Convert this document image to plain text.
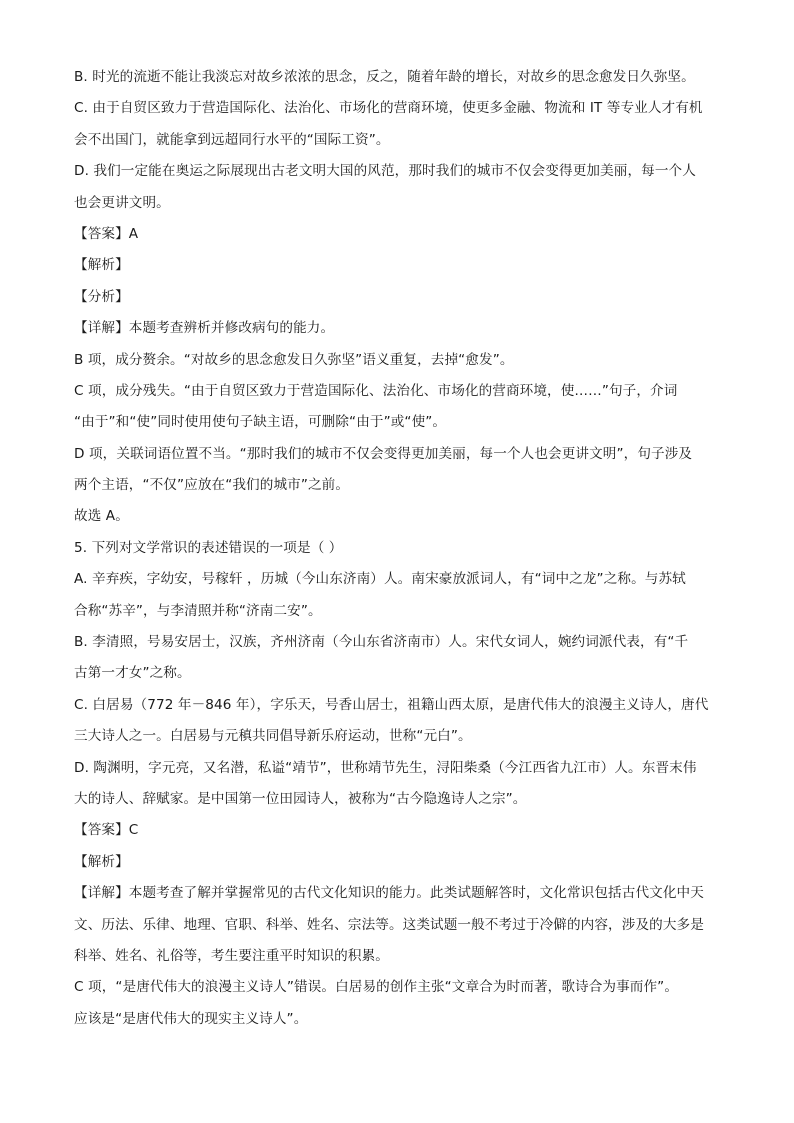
B. 时光的流逝不能让我淡忘对故乡浓浓的思念，反之，随着年龄的增长，对故乡的思念愈发日久弥坚。
C. 由于自贸区致力于营造国际化、法治化、市场化的营商环境，使更多金融、物流和 IT 等专业人才有机
会不出国门，就能拿到远超同行水平的“国际工资”。
D. 我们一定能在奥运之际展现出古老文明大国的风范，那时我们的城市不仅会变得更加美丽，每一个人
也会更讲文明。
【答案】A
【解析】
【分析】
【详解】本题考查辨析并修改病句的能力。
B 项，成分赘余。“对故乡的思念愈发日久弥坚”语义重复，去掉“愈发”。
C 项，成分残失。“由于自贸区致力于营造国际化、法治化、市场化的营商环境，使……”句子，介词
“由于”和“使”同时使用使句子缺主语，可删除“由于”或“使”。
D 项，关联词语位置不当。“那时我们的城市不仅会变得更加美丽，每一个人也会更讲文明”，句子涉及
两个主语，“不仅”应放在“我们的城市”之前。
故选 A。
5. 下列对文学常识的表述错误的一项是（ ）
A. 辛弃疾，字幼安，号稼轩 ，历城（今山东济南）人。南宋豪放派词人，有“词中之龙”之称。与苏轼
合称“苏辛”，与李清照并称“济南二安”。
B. 李清照，号易安居士，汉族，齐州济南（今山东省济南市）人。宋代女词人，婉约词派代表，有“千
古第一才女”之称。
C. 白居易（772 年－846 年），字乐天，号香山居士，祖籍山西太原，是唐代伟大的浪漫主义诗人，唐代
三大诗人之一。白居易与元稹共同倡导新乐府运动，世称“元白”。
D. 陶渊明，字元亮，又名潜，私谥“靖节”，世称靖节先生，浔阳柴桑（今江西省九江市）人。东晋末伟
大的诗人、辞赋家。是中国第一位田园诗人，被称为“古今隐逸诗人之宗”。
【答案】C
【解析】
【详解】本题考查了解并掌握常见的古代文化知识的能力。此类试题解答时，文化常识包括古代文化中天
文、历法、乐律、地理、官职、科举、姓名、宗法等。这类试题一般不考过于冷僻的内容，涉及的大多是
科举、姓名、礼俗等，考生要注重平时知识的积累。
C 项，“是唐代伟大的浪漫主义诗人”错误。白居易的创作主张“文章合为时而著，歌诗合为事而作”。
应该是“是唐代伟大的现实主义诗人”。
